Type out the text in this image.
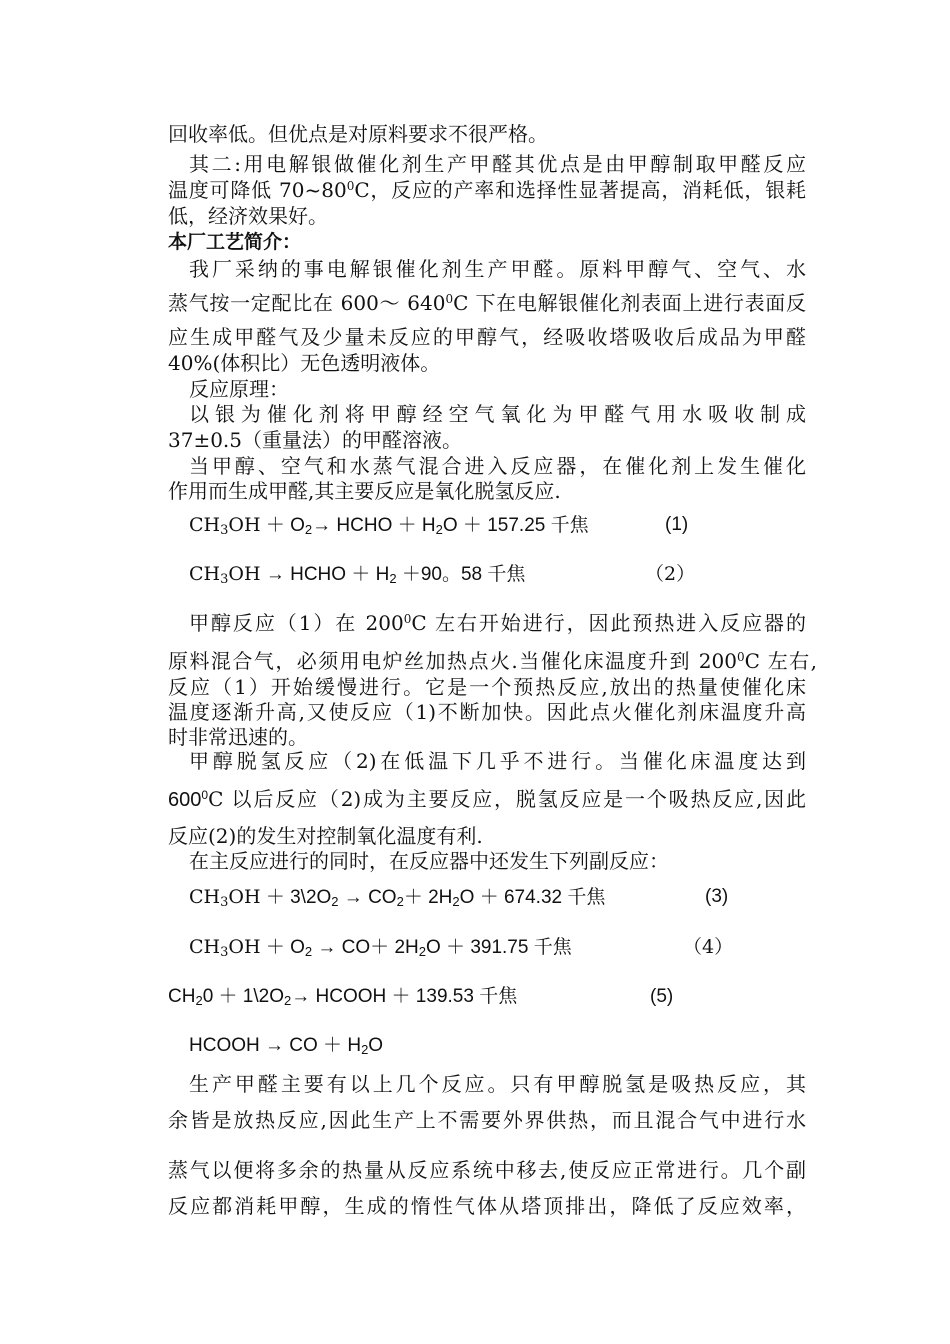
回收率低。但优点是对原料要求不很严格。
其二:用电解银做催化剂生产甲醛其优点是由甲醇制取甲醛反应
温度可降低 $70\sim 80^0C$，反应的产率和选择性显著提高，消耗低，银耗
低，经济效果好。
本厂工艺简介：
我厂采纳的事电解银催化剂生产甲醛。原料甲醇气、空气、水
蒸气按一定配比在 600～ $640^0C$ 下在电解银催化剂表面上进行表面反
应生成甲醛气及少量未反应的甲醇气，经吸收塔吸收后成品为甲醛
40%(体积比）无色透明液体。
反应原理：
以银为催化剂将甲醇经空气氧化为甲醛气用水吸收制成
37±0.5（重量法）的甲醛溶液。
当甲醇、空气和水蒸气混合进入反应器，在催化剂上发生催化
作用而生成甲醛,其主要反应是氧化脱氢反应.
$CH_3OH + O_2\to$ HCHO ＋ $H_2O + 157.25$ 千焦	(1)
$CH_3OH$ → HCHO ＋ $H_2 +90$。58 千焦	（2）
甲醇反应（1）在 $200^0C$ 左右开始进行，因此预热进入反应器的
原料混合气，必须用电炉丝加热点火.当催化床温度升到 $200^0C$ 左右,
反应（1）开始缓慢进行。它是一个预热反应,放出的热量使催化床
温度逐渐升高,又使反应（1)不断加快。因此点火催化剂床温度升高
时非常迅速的。
甲醇脱氢反应（2)在低温下几乎不进行。当催化床温度达到
$600^0C$ 以后反应（2)成为主要反应，脱氢反应是一个吸热反应,因此
反应(2)的发生对控制氧化温度有利.
在主反应进行的同时，在反应器中还发生下列副反应：
$CH_3OH$ ＋ $3\backslash 2O_2 \to CO_2+ 2H_2O + 674.32$ 千焦	(3)
$CH_3OH + O_2 \to CO+ 2H_2O + 391.75$ 千焦	（4）
$CH_20$ ＋ $1\backslash 2O_2\to$ HCOOH ＋ 139.53 千焦	(5)
HCOOH → CO ＋ $H_2O$
生产甲醛主要有以上几个反应。只有甲醇脱氢是吸热反应，其
余皆是放热反应,因此生产上不需要外界供热，而且混合气中进行水
蒸气以便将多余的热量从反应系统中移去,使反应正常进行。几个副
反应都消耗甲醇，生成的惰性气体从塔顶排出，降低了反应效率，
